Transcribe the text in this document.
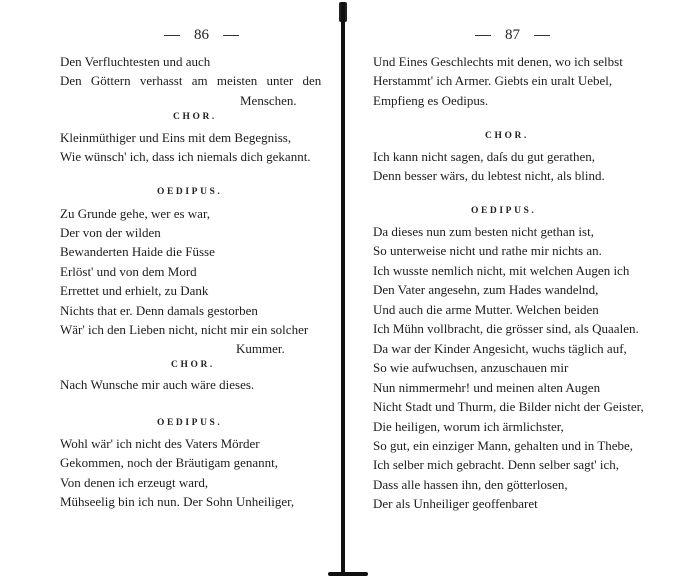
86
Den Verfluchtesten und auch
Den Göttern verhasst am meisten unter den
Menschen.
CHOR.
Kleinmüthiger und Eins mit dem Begegniss,
Wie wünsch' ich, dass ich niemals dich gekannt.
OEDIPUS.
Zu Grunde gehe, wer es war,
Der von der wilden
Bewanderten Haide die Füsse
Erlöst' und von dem Mord
Errettet und erhielt, zu Dank
Nichts that er. Denn damals gestorben
Wär' ich den Lieben nicht, nicht mir ein solcher
Kummer.
CHOR.
Nach Wunsche mir auch wäre dieses.
OEDIPUS.
Wohl wär' ich nicht des Vaters Mörder
Gekommen, noch der Bräutigam genannt,
Von denen ich erzeugt ward,
Mühseelig bin ich nun. Der Sohn Unheiliger,
87
Und Eines Geschlechts mit denen, wo ich selbst
Herstammt' ich Armer. Giebts ein uralt Uebel,
Empfieng es Oedipus.
CHOR.
Ich kann nicht sagen, daſs du gut gerathen,
Denn besser wärs, du lebtest nicht, als blind.
OEDIPUS.
Da dieses nun zum besten nicht gethan ist,
So unterweise nicht und rathe mir nichts an.
Ich wusste nemlich nicht, mit welchen Augen ich
Den Vater angesehn, zum Hades wandelnd,
Und auch die arme Mutter. Welchen beiden
Ich Mühn vollbracht, die grösser sind, als Quaalen.
Da war der Kinder Angesicht, wuchs täglich auf,
So wie aufwuchsen, anzuschauen mir
Nun nimmermehr! und meinen alten Augen
Nicht Stadt und Thurm, die Bilder nicht der Geister,
Die heiligen, worum ich ärmlichster,
So gut, ein einziger Mann, gehalten und in Thebe,
Ich selber mich gebracht. Denn selber sagt' ich,
Dass alle hassen ihn, den götterlosen,
Der als Unheiliger geoffenbaret
